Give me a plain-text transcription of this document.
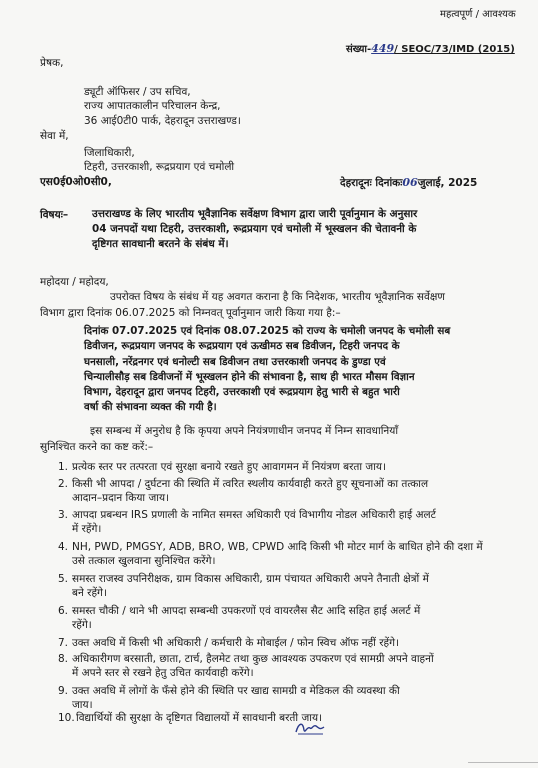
महत्वपूर्ण / आवश्यक
संख्या-449/ SEOC/73/IMD (2015)
प्रेषक,
ड्यूटी ऑफिसर / उप सचिव,
राज्य आपातकालीन परिचालन केन्द्र,
36 आई0टी0 पार्क, देहरादून उत्तराखण्ड।
सेवा में,
जिलाधिकारी,
टिहरी, उत्तरकाशी, रूद्रप्रयाग एवं चमोली
एस0ई0ओ0सी0,	देहरादूनः दिनांकः06जुलाई, 2025
विषयः– उत्तराखण्ड के लिए भारतीय भूवैज्ञानिक सर्वेक्षण विभाग द्वारा जारी पूर्वानुमान के अनुसार
04 जनपदों यथा टिहरी, उत्तरकाशी, रूद्रप्रयाग एवं चमोली में भूस्खलन की चेतावनी के
दृष्टिगत सावधानी बरतने के संबंध में।
महोदया / महोदय,
उपरोक्त विषय के संबंध में यह अवगत कराना है कि निदेशक, भारतीय भूवैज्ञानिक सर्वेक्षण
विभाग द्वारा दिनांक 06.07.2025 को निम्नवत् पूर्वानुमान जारी किया गया है:–
दिनांक 07.07.2025 एवं दिनांक 08.07.2025 को राज्य के चमोली जनपद के चमोली सब
डिवीजन, रूद्रप्रयाग जनपद के रूद्रप्रयाग एवं ऊखीमठ सब डिवीजन, टिहरी जनपद के
घनसाली, नरेंद्रनगर एवं धनोल्टी सब डिवीजन तथा उत्तरकाशी जनपद के डुण्डा एवं
चिन्यालीसौड़ सब डिवीजनों में भूस्खलन होने की संभावना है, साथ ही भारत मौसम विज्ञान
विभाग, देहरादून द्वारा जनपद टिहरी, उत्तरकाशी एवं रूद्रप्रयाग हेतु भारी से बहुत भारी
वर्षा की संभावना व्यक्त की गयी है।
इस सम्बन्ध में अनुरोध है कि कृपया अपने नियंत्रणाधीन जनपद में निम्न सावधानियाँ
सुनिश्चित करने का कष्ट करें:–
1. प्रत्येक स्तर पर तत्परता एवं सुरक्षा बनाये रखते हुए आवागमन में नियंत्रण बरता जाय।
2. किसी भी आपदा / दुर्घटना की स्थिति में त्वरित स्थलीय कार्यवाही करते हुए सूचनाओं का तत्काल
आदान–प्रदान किया जाय।
3. आपदा प्रबन्धन IRS प्रणाली के नामित समस्त अधिकारी एवं विभागीय नोडल अधिकारी हाई अलर्ट
में रहेंगे।
4. NH, PWD, PMGSY, ADB, BRO, WB, CPWD आदि किसी भी मोटर मार्ग के बाधित होने की दशा में
उसे तत्काल खुलवाना सुनिश्चित करेंगे।
5. समस्त राजस्व उपनिरीक्षक, ग्राम विकास अधिकारी, ग्राम पंचायत अधिकारी अपने तैनाती क्षेत्रों में
बने रहेंगे।
6. समस्त चौकी / थाने भी आपदा सम्बन्धी उपकरणों एवं वायरलैस सैट आदि सहित हाई अलर्ट में
रहेंगे।
7. उक्त अवधि में किसी भी अधिकारी / कर्मचारी के मोबाईल / फोन स्विच ऑफ नहीं रहेंगे।
8. अधिकारीगण बरसाती, छाता, टार्च, हैलमेट तथा कुछ आवश्यक उपकरण एवं सामग्री अपने वाहनों
में अपने स्तर से रखने हेतु उचित कार्यवाही करेंगे।
9. उक्त अवधि में लोगों के फँसे होने की स्थिति पर खाद्य सामग्री व मेडिकल की व्यवस्था की
जाय।
10. विद्यार्थियों की सुरक्षा के दृष्टिगत विद्यालयों में सावधानी बरती जाय।
